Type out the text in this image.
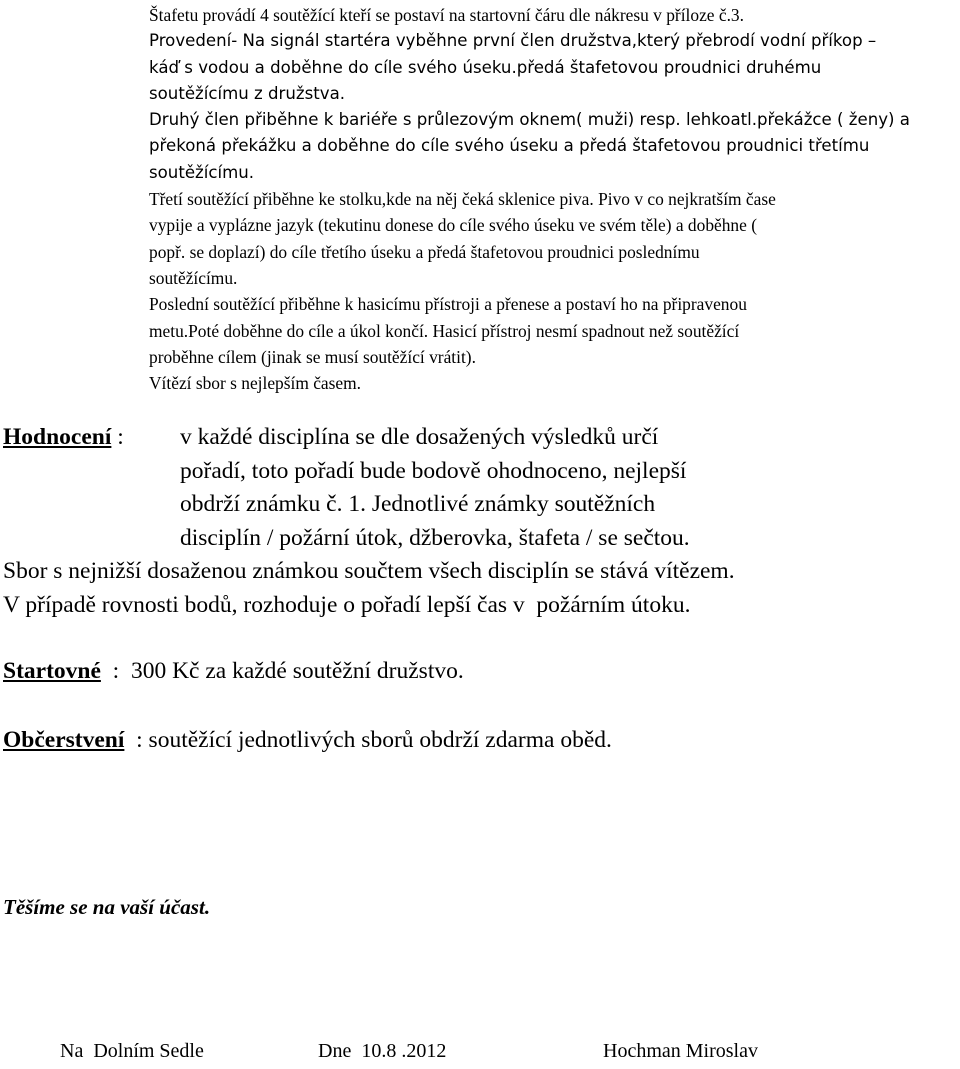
Štafetu provádí 4 soutěžící kteří se postaví na startovní čáru dle nákresu v příloze č.3.
Provedení- Na signál startéra vyběhne první člen družstva,který přebrodí vodní příkop –
káď s vodou a doběhne do cíle svého úseku.předá štafetovou proudnici druhému
soutěžícímu z družstva.
Druhý člen přiběhne k bariéře s průlezovým oknem( muži) resp. lehkoatl.překážce ( ženy) a
překoná překážku a doběhne do cíle svého úseku a předá štafetovou proudnici třetímu
soutěžícímu.
Třetí soutěžící přiběhne ke stolku,kde na něj čeká sklenice piva. Pivo v co nejkratším čase
vypije a vyplázne jazyk (tekutinu donese do cíle svého úseku ve svém těle) a doběhne (
popř. se doplazí) do cíle třetího úseku a předá štafetovou proudnici poslednímu
soutěžícímu.
Poslední soutěžící přiběhne k hasicímu přístroji a přenese a postaví ho na připravenou
metu.Poté doběhne do cíle a úkol končí. Hasicí přístroj nesmí spadnout než soutěžící
proběhne cílem (jinak se musí soutěžící vrátit).
Vítězí sbor s nejlepším časem.
Hodnocení :	v každé disciplína se dle dosažených výsledků určí
pořadí, toto pořadí bude bodově ohodnoceno, nejlepší
obdrží známku č. 1. Jednotlivé známky soutěžních
disciplín / požární útok, džberovka, štafeta / se sečtou.
Sbor s nejnižší dosaženou známkou součtem všech disciplín se stává vítězem.
V případě rovnosti bodů, rozhoduje o pořadí lepší čas v  požárním útoku.
Startovné  :  300 Kč za každé soutěžní družstvo.
Občerstvení  : soutěžící jednotlivých sborů obdrží zdarma oběd.
Těšíme se na vaší účast.
Na  Dolním Sedle	Dne  10.8 .2012	Hochman Miroslav
